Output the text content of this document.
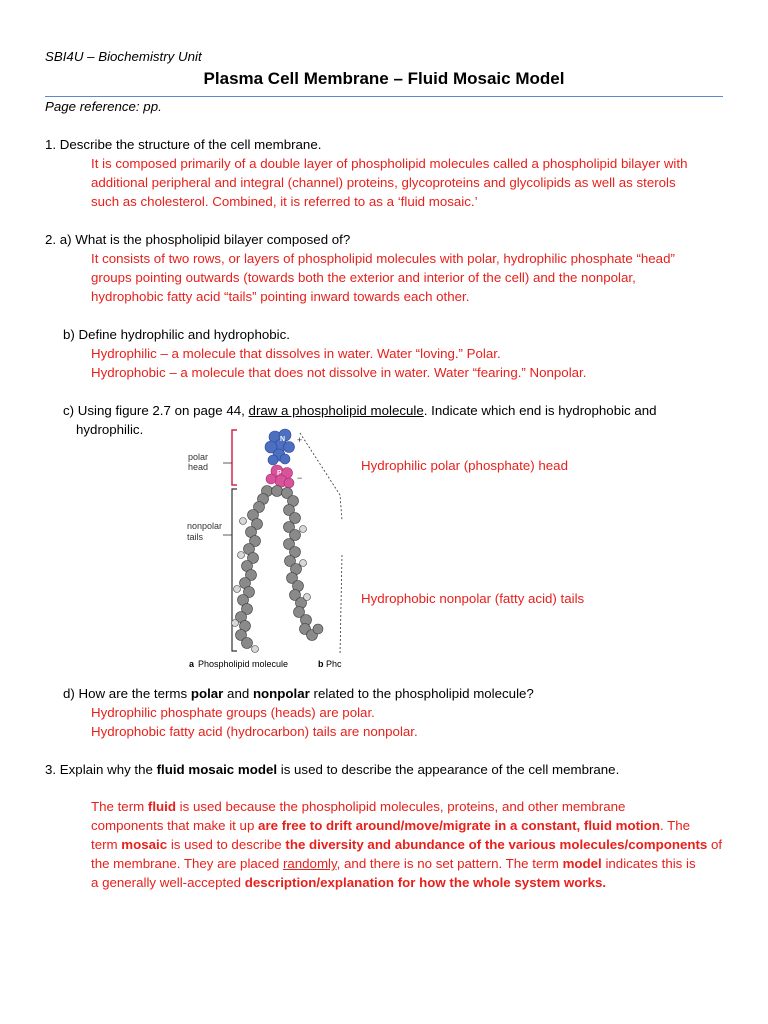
SBI4U – Biochemistry Unit
Plasma Cell Membrane – Fluid Mosaic Model
Page reference: pp.
1. Describe the structure of the cell membrane.
It is composed primarily of a double layer of phospholipid molecules called a phospholipid bilayer with
additional peripheral and integral (channel) proteins, glycoproteins and glycolipids as well as sterols
such as cholesterol. Combined, it is referred to as a ‘fluid mosaic.’
2. a) What is the phospholipid bilayer composed of?
It consists of two rows, or layers of phospholipid molecules with polar, hydrophilic phosphate “head”
groups pointing outwards (towards both the exterior and interior of the cell) and the nonpolar,
hydrophobic fatty acid “tails” pointing inward towards each other.
b) Define hydrophilic and hydrophobic.
Hydrophilic – a molecule that dissolves in water. Water “loving.” Polar.
Hydrophobic – a molecule that does not dissolve in water. Water “fearing.” Nonpolar.
c) Using figure 2.7 on page 44, draw a phospholipid molecule. Indicate which end is hydrophobic and
hydrophilic.
polar
head
nonpolar
tails
N +
P −
a Phospholipid molecule	b Phc
Hydrophilic polar (phosphate) head
Hydrophobic nonpolar (fatty acid) tails
d) How are the terms polar and nonpolar related to the phospholipid molecule?
Hydrophilic phosphate groups (heads) are polar.
Hydrophobic fatty acid (hydrocarbon) tails are nonpolar.
3. Explain why the fluid mosaic model is used to describe the appearance of the cell membrane.
The term fluid is used because the phospholipid molecules, proteins, and other membrane
components that make it up are free to drift around/move/migrate in a constant, fluid motion. The
term mosaic is used to describe the diversity and abundance of the various molecules/components of
the membrane. They are placed randomly, and there is no set pattern. The term model indicates this is
a generally well-accepted description/explanation for how the whole system works.
